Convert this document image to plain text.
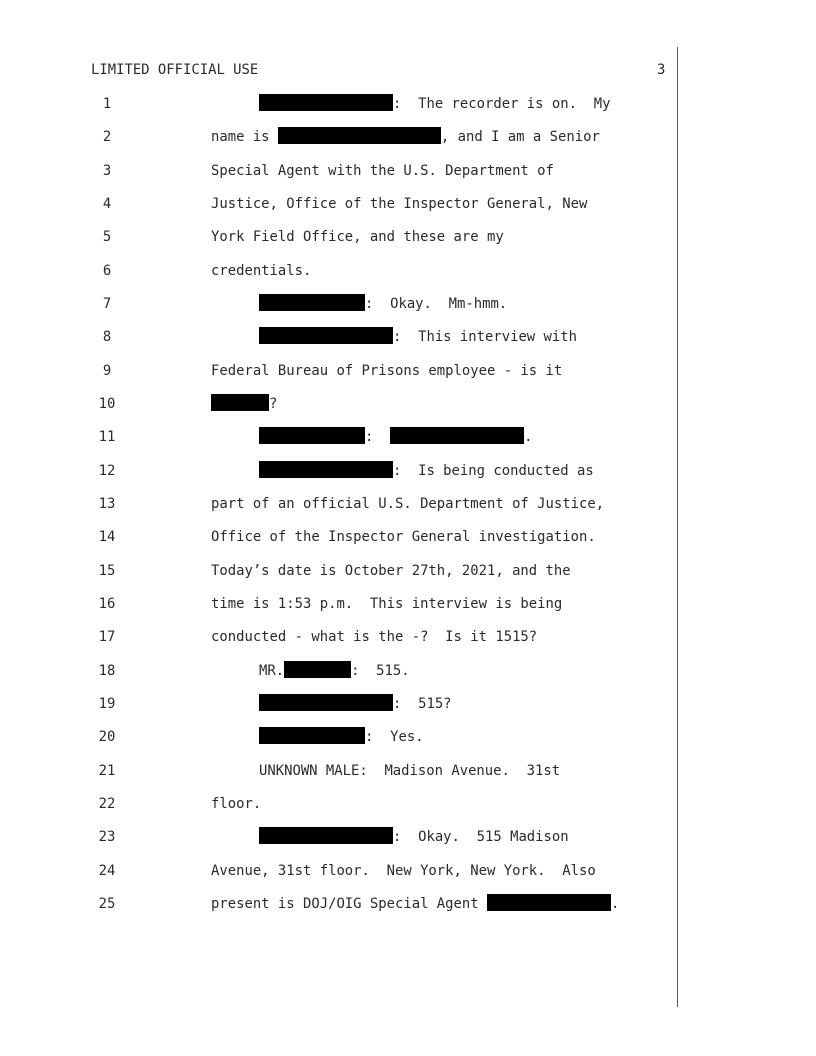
LIMITED OFFICIAL USE	3
1	:  The recorder is on.  My
2	name is	, and I am a Senior
3	Special Agent with the U.S. Department of
4	Justice, Office of the Inspector General, New
5	York Field Office, and these are my
6	credentials.
7	:  Okay.  Mm-hmm.
8	:  This interview with
9	Federal Bureau of Prisons employee - is it
10	?
11	:	.
12	:  Is being conducted as
13	part of an official U.S. Department of Justice,
14	Office of the Inspector General investigation.
15	Today’s date is October 27th, 2021, and the
16	time is 1:53 p.m.  This interview is being
17	conducted - what is the -?  Is it 1515?
18	MR.	:  515.
19	:  515?
20	:  Yes.
21	UNKNOWN MALE:  Madison Avenue.  31st
22	floor.
23	:  Okay.  515 Madison
24	Avenue, 31st floor.  New York, New York.  Also
25	present is DOJ/OIG Special Agent	.
